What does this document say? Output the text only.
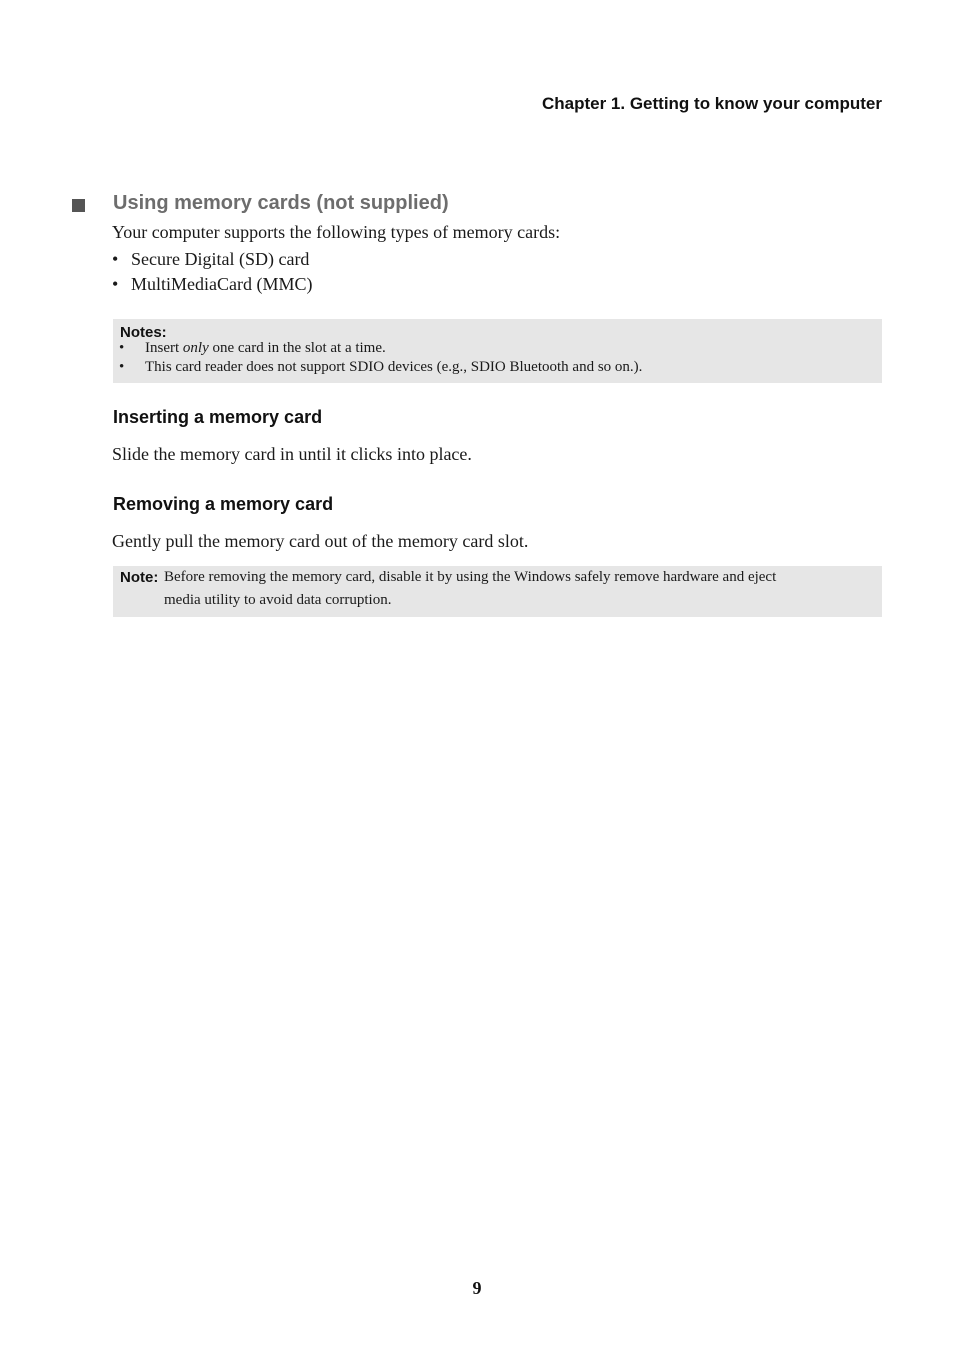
Chapter 1. Getting to know your computer
Using memory cards (not supplied)
Your computer supports the following types of memory cards:
• Secure Digital (SD) card
• MultiMediaCard (MMC)
Notes:
• Insert only one card in the slot at a time.
• This card reader does not support SDIO devices (e.g., SDIO Bluetooth and so on.).
Inserting a memory card
Slide the memory card in until it clicks into place.
Removing a memory card
Gently pull the memory card out of the memory card slot.
Note: Before removing the memory card, disable it by using the Windows safely remove hardware and eject
media utility to avoid data corruption.
9
